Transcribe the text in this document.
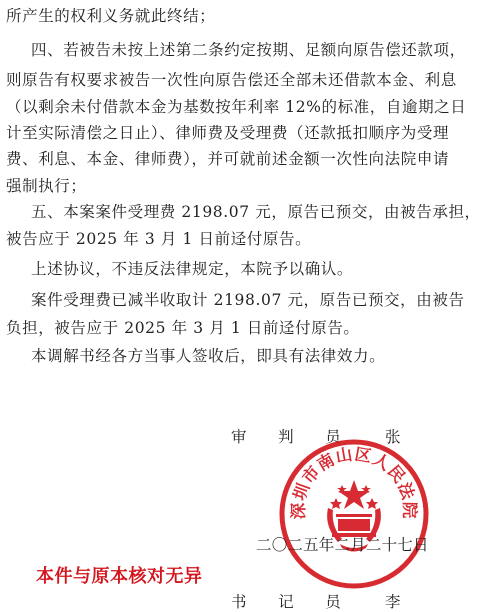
所产生的权利义务就此终结；
四、若被告未按上述第二条约定按期、足额向原告偿还款项，
则原告有权要求被告一次性向原告偿还全部未还借款本金、利息
（以剩余未付借款本金为基数按年利率 12%的标准，自逾期之日
计至实际清偿之日止）、律师费及受理费（还款抵扣顺序为受理
费、利息、本金、律师费），并可就前述金额一次性向法院申请
强制执行；
五、本案案件受理费 2198.07 元，原告已预交，由被告承担，
被告应于 2025 年 3 月 1 日前迳付原告。
上述协议，不违反法律规定，本院予以确认。
案件受理费已减半收取计 2198.07 元，原告已预交，由被告
负担，被告应于 2025 年 3 月 1 日前迳付原告。
本调解书经各方当事人签收后，即具有法律效力。
审　　判　　员	张
深圳市南山区人民法院
二〇二五年二月二十七日
书　　记　　员	李
本件与原本核对无异
